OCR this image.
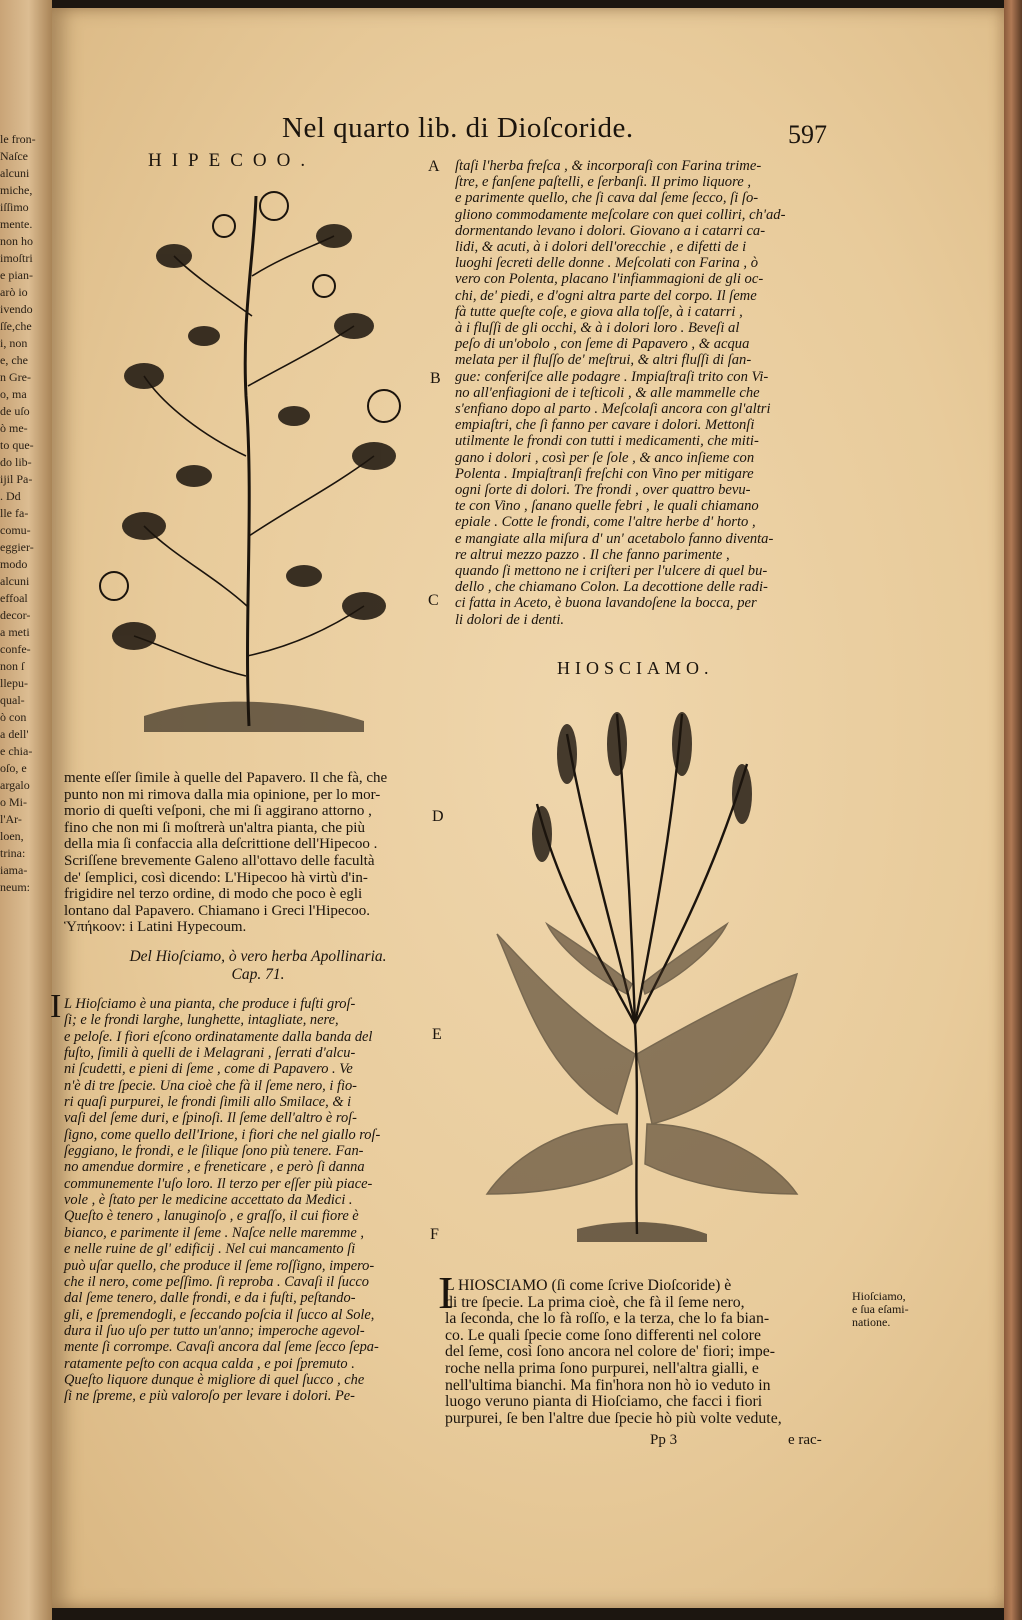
le fron-
Naſce
alcuni
miche,
iſſimo
mente.
non ho
imoſtri
e pian-
arò io
ivendo
ſſe,che
i, non
e, che
n Gre-
o, ma
de uſo
ò me-
to que-
do lib-
ijil Pa-
. Dd
lle fa-
comu-
eggier-
modo
alcuni
effoal
decor-
a meti
confe-
non ſ
llepu-
qual-
ò con
a dell'
e chia-
oſo, e
argalo
o Mi-
l'Ar-
loen,
trina:
iama-
neum:
Nel quarto lib. di Dioſcoride.	597
HIPECOO.	ſtaſi l'herba freſca , & incorporaſi con Farina trime-
ſtre, e fanſene paſtelli, e ſerbanſi. Il primo liquore ,
e parimente quello, che ſi cava dal ſeme ſecco, ſi ſo-
gliono commodamente meſcolare con quei colliri, ch'ad-
dormentando levano i dolori. Giovano a i catarri ca-
lidi, & acuti, à i dolori dell'orecchie , e difetti de i
luoghi ſecreti delle donne . Meſcolati con Farina , ò
vero con Polenta, placano l'infiammagioni de gli oc-
chi, de' piedi, e d'ogni altra parte del corpo. Il ſeme
fà tutte queſte coſe, e giova alla toſſe, à i catarri ,
à i fluſſi de gli occhi, & à i dolori loro . Beveſi al
peſo di un'obolo , con ſeme di Papavero , & acqua
melata per il fluſſo de' meſtrui, & altri fluſſi di ſan-
gue: conferiſce alle podagre . Impiaſtraſi trito con Vi-
no all'enfiagioni de i teſticoli , & alle mammelle che
s'enfiano dopo al parto . Meſcolaſi ancora con gl'altri
empiaſtri, che ſi fanno per cavare i dolori. Mettonſi
utilmente le frondi con tutti i medicamenti, che miti-
gano i dolori , così per ſe ſole , & anco inſieme con
Polenta . Impiaſtranſi freſchi con Vino per mitigare
ogni ſorte di dolori. Tre frondi , over quattro bevu-
te con Vino , ſanano quelle febri , le quali chiamano
epiale . Cotte le frondi, come l'altre herbe d' horto ,
e mangiate alla miſura d' un' acetabolo fanno diventa-
re altrui mezzo pazzo . Il che fanno parimente ,
quando ſi mettono ne i criſteri per l'ulcere di quel bu-
dello , che chiamano Colon. La decottione delle radi-
ci fatta in Aceto, è buona lavandoſene la bocca, per
li dolori de i denti.
A
B
C
D
E
F
mente eſſer ſimile à quelle del Papavero. Il che fà, che
punto non mi rimova dalla mia opinione, per lo mor-
morio di queſti veſponi, che mi ſi aggirano attorno ,
fino che non mi ſi moſtrerà un'altra pianta, che più
della mia ſi confaccia alla deſcrittione dell'Hipecoo .
Scriſſene brevemente Galeno all'ottavo delle facultà
de' ſemplici, così dicendo: L'Hipecoo hà virtù d'in-
frigidire nel terzo ordine, di modo che poco è egli
lontano dal Papavero. Chiamano i Greci l'Hipecoo.
Ὑπήκοον: i Latini Hypecoum.
Del Hioſciamo, ò vero herba Apollinaria.
Cap. 71.
I L Hioſciamo è una pianta, che produce i fuſti groſ-
ſi; e le frondi larghe, lunghette, intagliate, nere,
e peloſe. I fiori eſcono ordinatamente dalla banda del
fuſto, ſimili à quelli de i Melagrani , ſerrati d'alcu-
ni ſcudetti, e pieni di ſeme , come di Papavero . Ve
n'è di tre ſpecie. Una cioè che fà il ſeme nero, i fio-
ri quaſi purpurei, le frondi ſimili allo Smilace, & i
vaſi del ſeme duri, e ſpinoſi. Il ſeme dell'altro è roſ-
ſigno, come quello dell'Irione, i fiori che nel giallo roſ-
ſeggiano, le frondi, e le ſilique ſono più tenere. Fan-
no amendue dormire , e freneticare , e però ſi danna
communemente l'uſo loro. Il terzo per eſſer più piace-
vole , è ſtato per le medicine accettato da Medici .
Queſto è tenero , lanuginoſo , e graſſo, il cui fiore è
bianco, e parimente il ſeme . Naſce nelle maremme ,
e nelle ruine de gl' edificij . Nel cui mancamento ſi
può uſar quello, che produce il ſeme roſſigno, impero-
che il nero, come peſſimo. ſi reproba . Cavaſi il ſucco
dal ſeme tenero, dalle frondi, e da i fuſti, peſtando-
gli, e ſpremendogli, e ſeccando poſcia il ſucco al Sole,
dura il ſuo uſo per tutto un'anno; imperoche agevol-
mente ſi corrompe. Cavaſi ancora dal ſeme ſecco ſepa-
ratamente peſto con acqua calda , e poi ſpremuto .
Queſto liquore dunque è migliore di quel ſucco , che
ſi ne ſpreme, e più valoroſo per levare i dolori. Pe-
HIOSCIAMO.
I
L HIOSCIAMO (ſi come ſcrive Dioſcoride) è
di tre ſpecie. La prima cioè, che fà il ſeme nero,
la ſeconda, che lo fà roſſo, e la terza, che lo fa bian-
co. Le quali ſpecie come ſono differenti nel colore
del ſeme, così ſono ancora nel colore de' fiori; impe-
roche nella prima ſono purpurei, nell'altra gialli, e
nell'ultima bianchi. Ma fin'hora non hò io veduto in
luogo veruno pianta di Hioſciamo, che facci i fiori
purpurei, ſe ben l'altre due ſpecie hò più volte vedute,
Hioſciamo,
e ſua eſami-
natione.
Pp 3	e rac-
